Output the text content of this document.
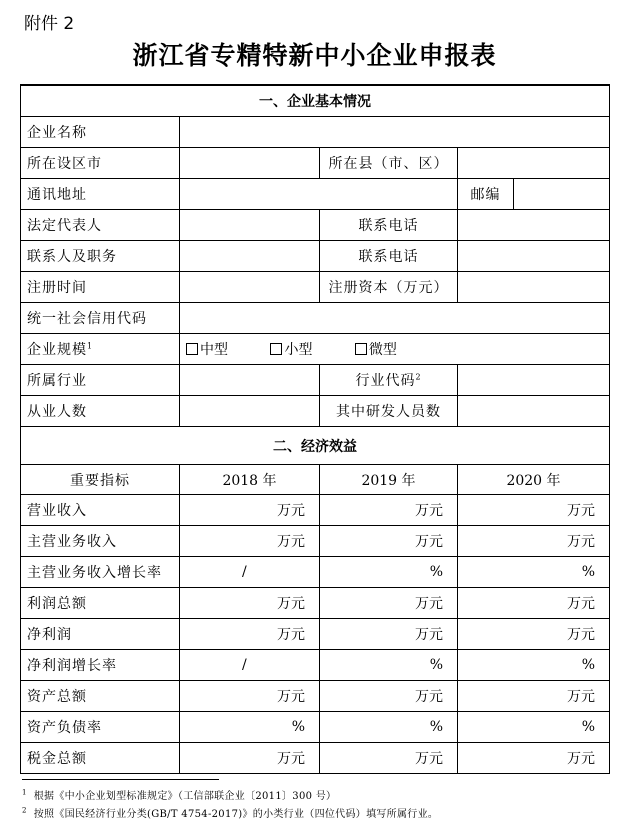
附件 2
浙江省专精特新中小企业申报表
一、企业基本情况				
企业名称				
所在设区市		所在县（市、区）		
通讯地址			邮编	
法定代表人		联系电话		
联系人及职务		联系电话		
注册时间		注册资本（万元）		
统一社会信用代码				
企业规模$^1$	中型 小型 微型			
所属行业		行业代码$^2$	
从业人数		其中研发人员数		
二、经济效益				
重要指标	2018 年	2019 年	2020 年	
营业收入	万元	万元	万元	
主营业务收入	万元	万元	万元	
主营业务收入增长率	/	%	%	
利润总额	万元	万元	万元	
净利润	万元	万元	万元	
净利润增长率	/	%	%	
资产总额	万元	万元	万元	
资产负债率	%	%	%	
税金总额	万元	万元	万元	
$^1$ 根据《中小企业划型标准规定》（工信部联企业〔2011〕300 号）
$^2$ 按照《国民经济行业分类(GB/T 4754-2017)》的小类行业（四位代码）填写所属行业。
